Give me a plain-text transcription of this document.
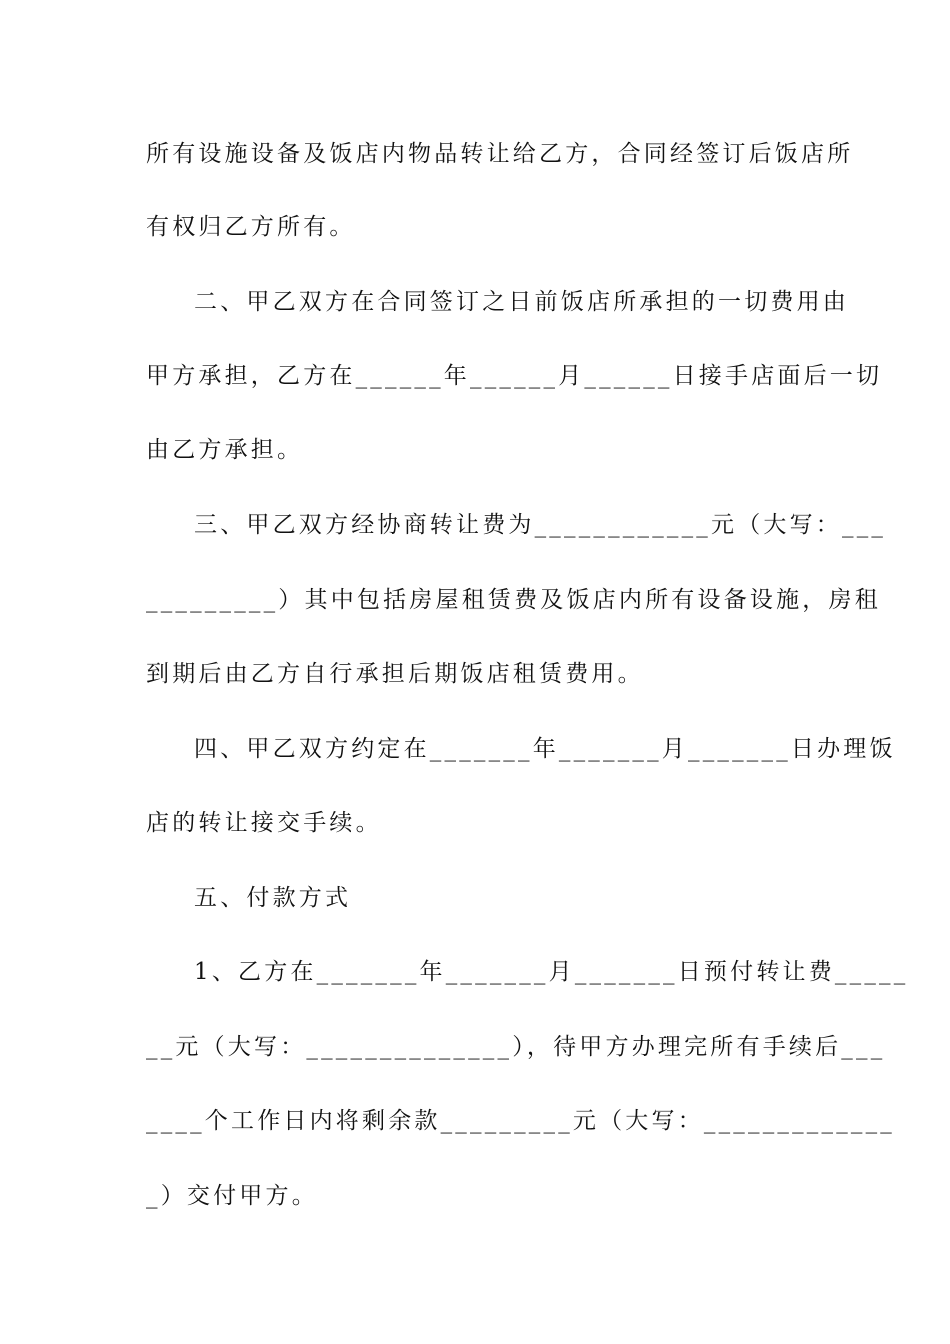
所有设施设备及饭店内物品转让给乙方，合同经签订后饭店所
有权归乙方所有。
二、甲乙双方在合同签订之日前饭店所承担的一切费用由
甲方承担，乙方在______年______月______日接手店面后一切
由乙方承担。
三、甲乙双方经协商转让费为____________元（大写：___
_________）其中包括房屋租赁费及饭店内所有设备设施，房租
到期后由乙方自行承担后期饭店租赁费用。
四、甲乙双方约定在_______年_______月_______日办理饭
店的转让接交手续。
五、付款方式
1、乙方在_______年_______月_______日预付转让费_____
__元（大写：______________），待甲方办理完所有手续后___
____个工作日内将剩余款_________元（大写：_____________
_）交付甲方。
